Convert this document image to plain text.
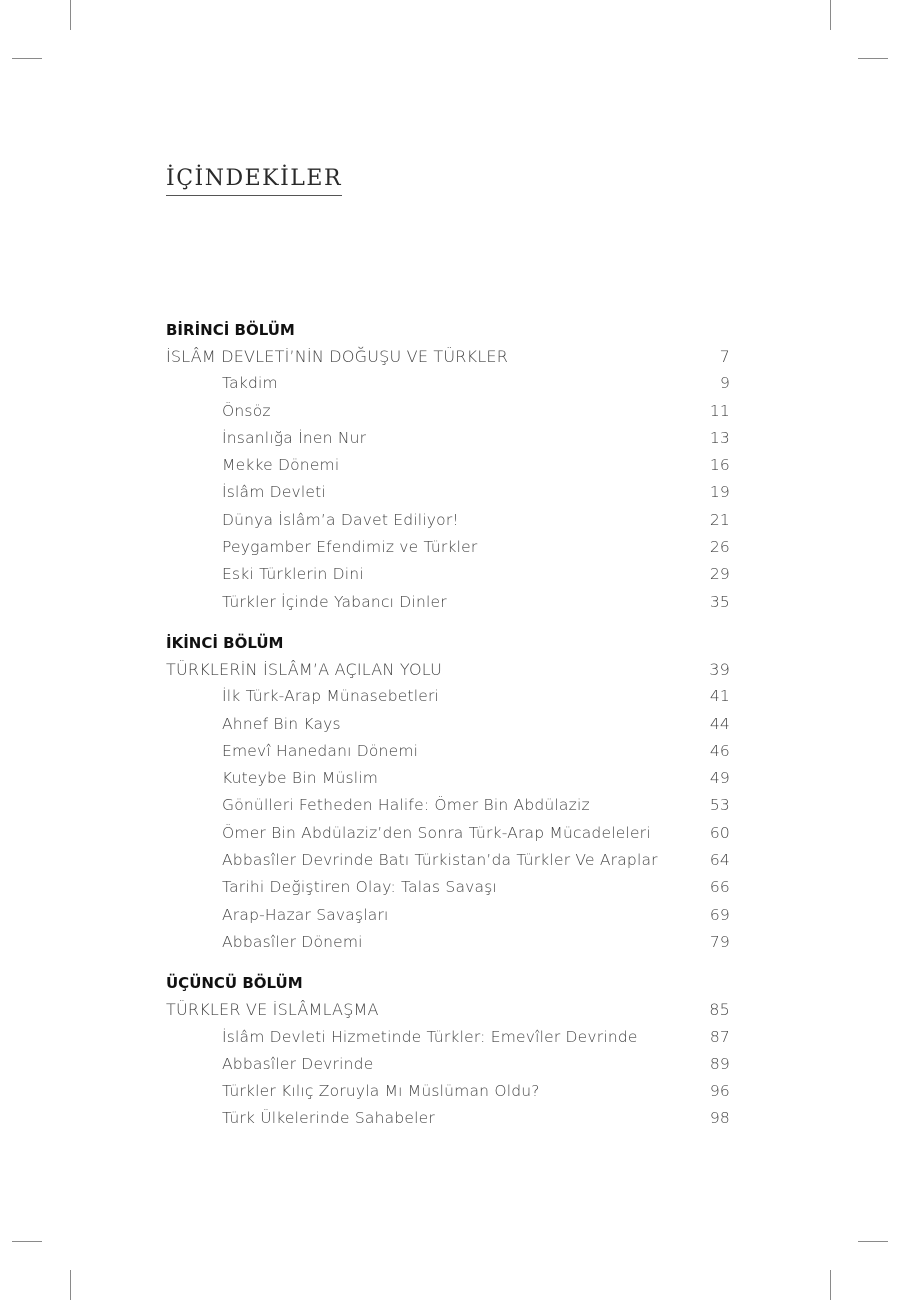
İÇİNDEKİLER
BİRİNCİ BÖLÜM
İSLÂM DEVLETİ’NİN DOĞUŞU VE TÜRKLER	7
Takdim	9
Önsöz	11
İnsanlığa İnen Nur	13
Mekke Dönemi	16
İslâm Devleti	19
Dünya İslâm’a Davet Ediliyor!	21
Peygamber Efendimiz ve Türkler	26
Eski Türklerin Dini	29
Türkler İçinde Yabancı Dinler	35
İKİNCİ BÖLÜM
TÜRKLERİN İSLÂM’A AÇILAN YOLU	39
İlk Türk-Arap Münasebetleri	41
Ahnef Bin Kays	44
Emevî Hanedanı Dönemi	46
Kuteybe Bin Müslim	49
Gönülleri Fetheden Halife: Ömer Bin Abdülaziz	53
Ömer Bin Abdülaziz’den Sonra Türk-Arap Mücadeleleri	60
Abbasîler Devrinde Batı Türkistan’da Türkler Ve Araplar	64
Tarihi Değiştiren Olay: Talas Savaşı	66
Arap-Hazar Savaşları	69
Abbasîler Dönemi	79
ÜÇÜNCÜ BÖLÜM
TÜRKLER VE İSLÂMLAŞMA	85
İslâm Devleti Hizmetinde Türkler: Emevîler Devrinde	87
Abbasîler Devrinde	89
Türkler Kılıç Zoruyla Mı Müslüman Oldu?	96
Türk Ülkelerinde Sahabeler	98
